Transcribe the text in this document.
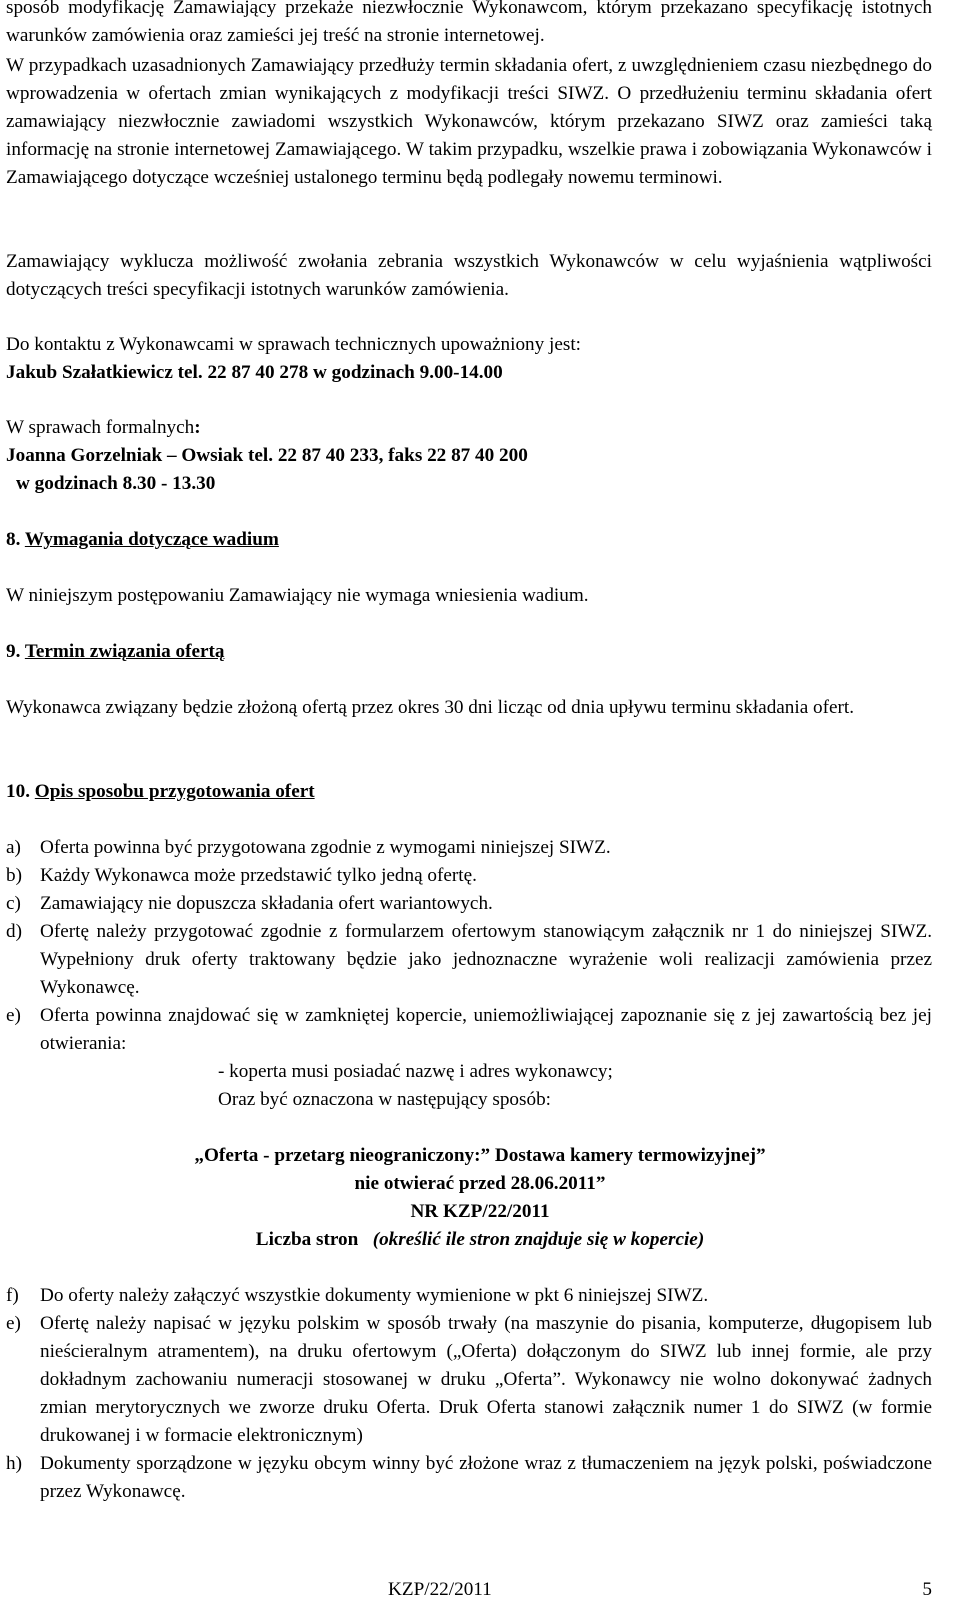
sposób modyfikację Zamawiający przekaże niezwłocznie Wykonawcom, którym przekazano specyfikację istotnych warunków zamówienia oraz zamieści jej treść na stronie internetowej.

W przypadkach uzasadnionych Zamawiający przedłuży termin składania ofert, z uwzględnieniem czasu niezbędnego do wprowadzenia w ofertach zmian wynikających z modyfikacji treści SIWZ. O przedłużeniu terminu składania ofert zamawiający niezwłocznie zawiadomi wszystkich Wykonawców, którym przekazano SIWZ oraz zamieści taką informację na stronie internetowej Zamawiającego. W takim przypadku, wszelkie prawa i zobowiązania Wykonawców i Zamawiającego dotyczące wcześniej ustalonego terminu będą podlegały nowemu terminowi.

Zamawiający wyklucza możliwość zwołania zebrania wszystkich Wykonawców w celu wyjaśnienia wątpliwości dotyczących treści specyfikacji istotnych warunków zamówienia.

Do kontaktu z Wykonawcami w sprawach technicznych upoważniony jest:

Jakub Szałatkiewicz tel. 22 87 40 278 w godzinach 9.00-14.00

W sprawach formalnych:

Joanna Gorzelniak – Owsiak tel. 22 87 40 233, faks 22 87 40 200

w godzinach 8.30 - 13.30

8. Wymagania dotyczące wadium

W niniejszym postępowaniu Zamawiający nie wymaga wniesienia wadium.

9. Termin związania ofertą

Wykonawca związany będzie złożoną ofertą przez okres 30 dni licząc od dnia upływu terminu składania ofert.

10. Opis sposobu przygotowania ofert

a) Oferta powinna być przygotowana zgodnie z wymogami niniejszej SIWZ.
b) Każdy Wykonawca może przedstawić tylko jedną ofertę.
c) Zamawiający nie dopuszcza składania ofert wariantowych.
d) Ofertę należy przygotować zgodnie z formularzem ofertowym stanowiącym załącznik nr 1 do niniejszej SIWZ. Wypełniony druk oferty traktowany będzie jako jednoznaczne wyrażenie woli realizacji zamówienia przez Wykonawcę.
e) Oferta powinna znajdować się w zamkniętej kopercie, uniemożliwiającej zapoznanie się z jej zawartością bez jej otwierania:

- koperta musi posiadać nazwę i adres wykonawcy;

Oraz być oznaczona w następujący sposób:

„Oferta - przetarg nieograniczony:” Dostawa kamery termowizyjnej”

nie otwierać przed 28.06.2011”

NR KZP/22/2011

Liczba stron (określić ile stron znajduje się w kopercie)

f) Do oferty należy załączyć wszystkie dokumenty wymienione w pkt 6 niniejszej SIWZ.
e) Ofertę należy napisać w języku polskim w sposób trwały (na maszynie do pisania, komputerze, długopisem lub nieścieralnym atramentem), na druku ofertowym („Oferta) dołączonym do SIWZ lub innej formie, ale przy dokładnym zachowaniu numeracji stosowanej w druku „Oferta”. Wykonawcy nie wolno dokonywać żadnych zmian merytorycznych we zworze druku Oferta. Druk Oferta stanowi załącznik numer 1 do SIWZ (w formie drukowanej i w formacie elektronicznym)
h) Dokumenty sporządzone w języku obcym winny być złożone wraz z tłumaczeniem na język polski, poświadczone przez Wykonawcę.
KZP/22/2011	5
